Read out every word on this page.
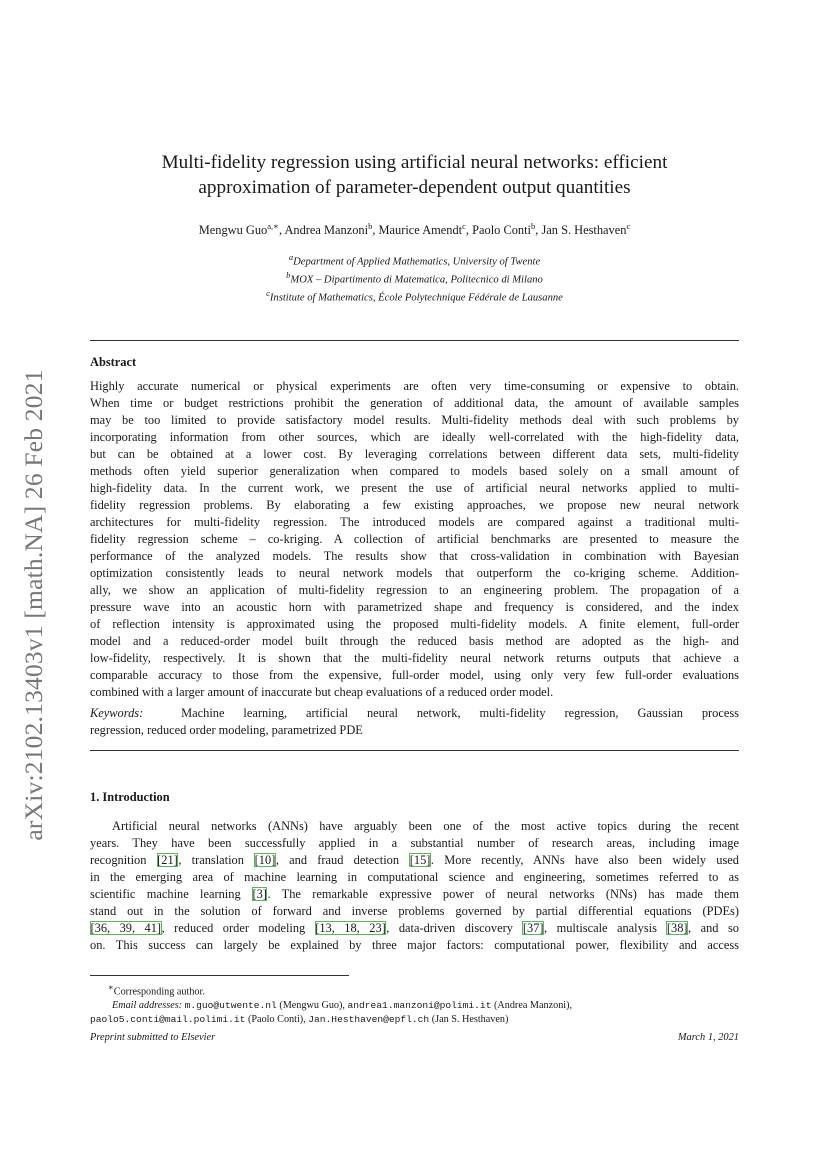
arXiv:2102.13403v1 [math.NA] 26 Feb 2021
Multi-fidelity regression using artificial neural networks: efficient
approximation of parameter-dependent output quantities
Mengwu Guo$^{a,∗}$, Andrea Manzoni$^b$, Maurice Amendt$^c$, Paolo Conti$^b$, Jan S. Hesthaven$^c$
$^a$Department of Applied Mathematics, University of Twente
$^b$MOX – Dipartimento di Matematica, Politecnico di Milano
$^c$Institute of Mathematics, École Polytechnique Fédérale de Lausanne
Abstract
Highly accurate numerical or physical experiments are often very time-consuming or expensive to obtain.
When time or budget restrictions prohibit the generation of additional data, the amount of available samples
may be too limited to provide satisfactory model results. Multi-fidelity methods deal with such problems by
incorporating information from other sources, which are ideally well-correlated with the high-fidelity data,
but can be obtained at a lower cost. By leveraging correlations between different data sets, multi-fidelity
methods often yield superior generalization when compared to models based solely on a small amount of
high-fidelity data. In the current work, we present the use of artificial neural networks applied to multi-
fidelity regression problems. By elaborating a few existing approaches, we propose new neural network
architectures for multi-fidelity regression. The introduced models are compared against a traditional multi-
fidelity regression scheme – co-kriging. A collection of artificial benchmarks are presented to measure the
performance of the analyzed models. The results show that cross-validation in combination with Bayesian
optimization consistently leads to neural network models that outperform the co-kriging scheme. Addition-
ally, we show an application of multi-fidelity regression to an engineering problem. The propagation of a
pressure wave into an acoustic horn with parametrized shape and frequency is considered, and the index
of reflection intensity is approximated using the proposed multi-fidelity models. A finite element, full-order
model and a reduced-order model built through the reduced basis method are adopted as the high- and
low-fidelity, respectively. It is shown that the multi-fidelity neural network returns outputs that achieve a
comparable accuracy to those from the expensive, full-order model, using only very few full-order evaluations
combined with a larger amount of inaccurate but cheap evaluations of a reduced order model.
Keywords:	Machine learning, artificial neural network, multi-fidelity regression, Gaussian process
regression, reduced order modeling, parametrized PDE
1. Introduction
Artificial neural networks (ANNs) have arguably been one of the most active topics during the recent
years. They have been successfully applied in a substantial number of research areas, including image
recognition [21], translation [10], and fraud detection [15]. More recently, ANNs have also been widely used
in the emerging area of machine learning in computational science and engineering, sometimes referred to as
scientific machine learning [3]. The remarkable expressive power of neural networks (NNs) has made them
stand out in the solution of forward and inverse problems governed by partial differential equations (PDEs)
[36, 39, 41], reduced order modeling [13, 18, 23], data-driven discovery [37], multiscale analysis [38], and so
on. This success can largely be explained by three major factors: computational power, flexibility and access
∗Corresponding author.
Email addresses: m.guo@utwente.nl (Mengwu Guo), andrea1.manzoni@polimi.it (Andrea Manzoni),
paolo5.conti@mail.polimi.it (Paolo Conti), Jan.Hesthaven@epfl.ch (Jan S. Hesthaven)
Preprint submitted to Elsevier	March 1, 2021
